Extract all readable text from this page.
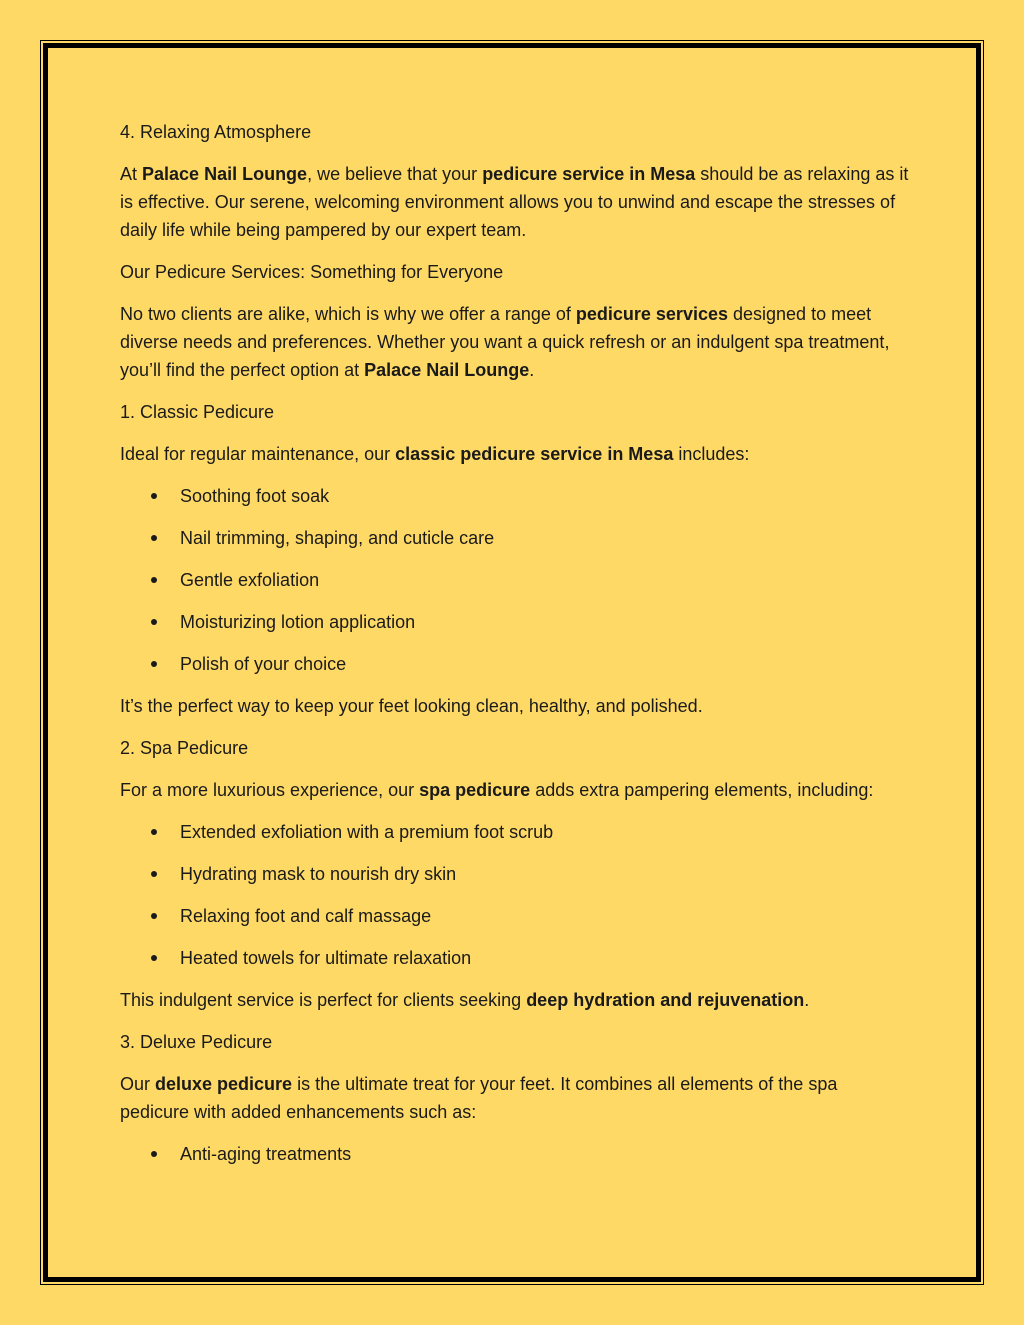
4. Relaxing Atmosphere

At Palace Nail Lounge, we believe that your pedicure service in Mesa should be as relaxing as it is effective. Our serene, welcoming environment allows you to unwind and escape the stresses of daily life while being pampered by our expert team.

Our Pedicure Services: Something for Everyone

No two clients are alike, which is why we offer a range of pedicure services designed to meet diverse needs and preferences. Whether you want a quick refresh or an indulgent spa treatment, you’ll find the perfect option at Palace Nail Lounge.

1. Classic Pedicure

Ideal for regular maintenance, our classic pedicure service in Mesa includes:

Soothing foot soak
Nail trimming, shaping, and cuticle care
Gentle exfoliation
Moisturizing lotion application
Polish of your choice

It’s the perfect way to keep your feet looking clean, healthy, and polished.

2. Spa Pedicure

For a more luxurious experience, our spa pedicure adds extra pampering elements, including:

Extended exfoliation with a premium foot scrub
Hydrating mask to nourish dry skin
Relaxing foot and calf massage
Heated towels for ultimate relaxation

This indulgent service is perfect for clients seeking deep hydration and rejuvenation.

3. Deluxe Pedicure

Our deluxe pedicure is the ultimate treat for your feet. It combines all elements of the spa pedicure with added enhancements such as:

Anti-aging treatments
